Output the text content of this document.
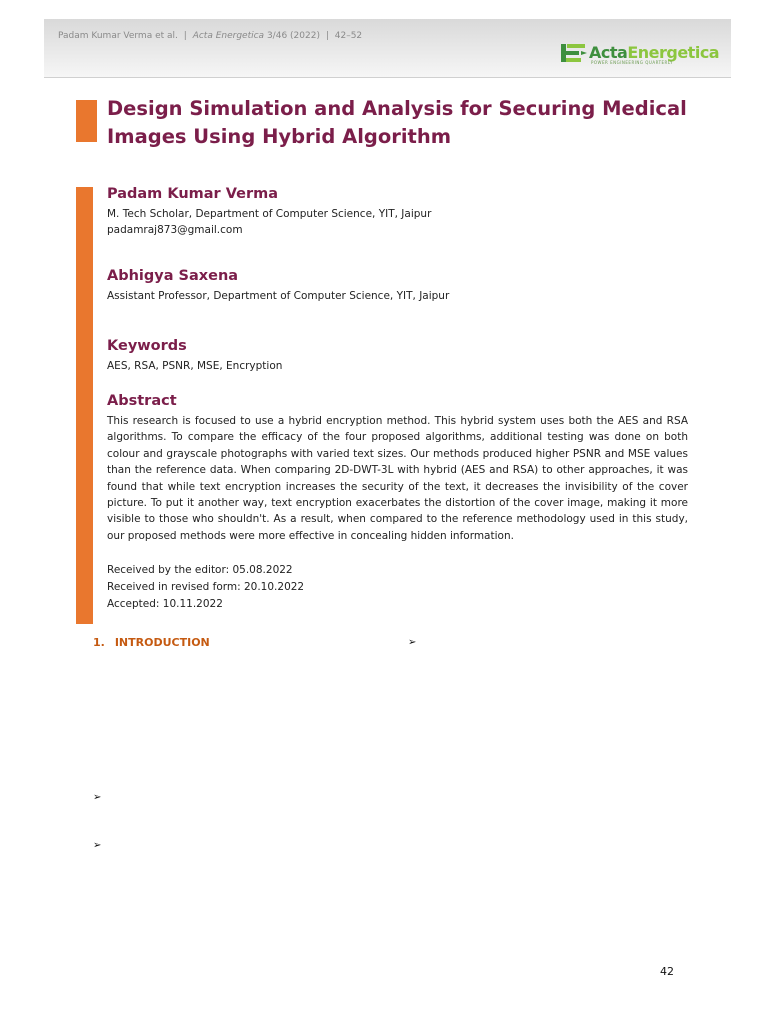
Padam Kumar Verma et al. | Acta Energetica 3/46 (2022) | 42–52
ActaEnergetica
POWER ENGINEERING QUARTERLY
Design Simulation and Analysis for Securing Medical
Images Using Hybrid Algorithm
Padam Kumar Verma
M. Tech Scholar, Department of Computer Science, YIT, Jaipur
padamraj873@gmail.com
Abhigya Saxena
Assistant Professor, Department of Computer Science, YIT, Jaipur
Keywords
AES, RSA, PSNR, MSE, Encryption
Abstract
This research is focused to use a hybrid encryption method. This hybrid system uses both the AES and RSA algorithms. To compare the efficacy of the four proposed algorithms, additional testing was done on both colour and grayscale photographs with varied text sizes. Our methods produced higher PSNR and MSE values than the reference data. When comparing 2D-DWT-3L with hybrid (AES and RSA) to other approaches, it was found that while text encryption increases the security of the text, it decreases the invisibility of the cover picture. To put it another way, text encryption exacerbates the distortion of the cover image, making it more visible to those who shouldn't. As a result, when compared to the reference methodology used in this study, our proposed methods were more effective in concealing hidden information.
Received by the editor: 05.08.2022
Received in revised form: 20.10.2022
Accepted: 10.11.2022
1. INTRODUCTION	➢
➢
➢
42
